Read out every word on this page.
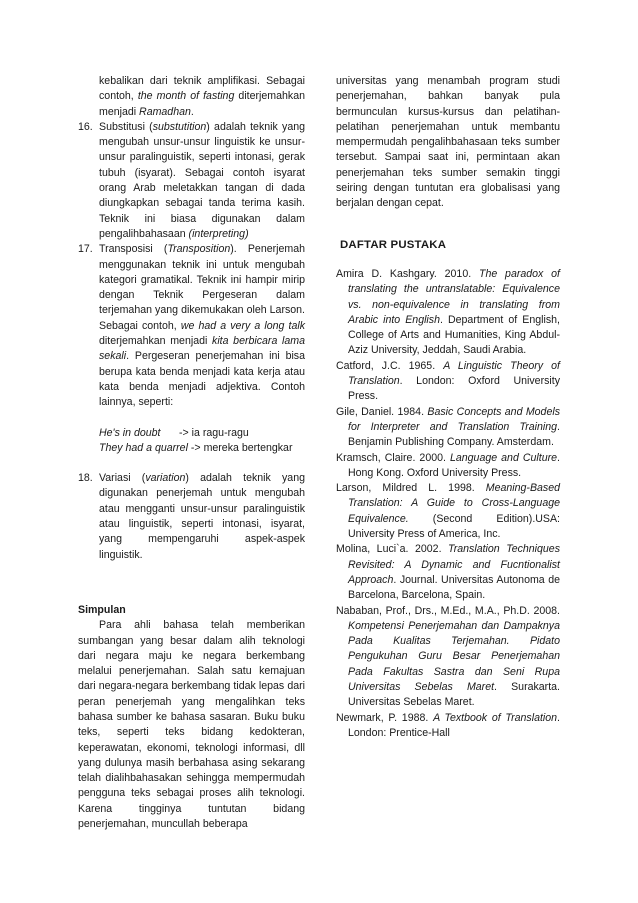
kebalikan dari teknik amplifikasi. Sebagai contoh, the month of fasting diterjemahkan menjadi Ramadhan.

16. Substitusi (substutition) adalah teknik yang mengubah unsur-unsur linguistik ke unsur-unsur paralinguistik, seperti intonasi, gerak tubuh (isyarat). Sebagai contoh isyarat orang Arab meletakkan tangan di dada diungkapkan sebagai tanda terima kasih. Teknik ini biasa digunakan dalam pengalihbahasaan (interpreting)

17. Transposisi (Transposition). Penerjemah menggunakan teknik ini untuk mengubah kategori gramatikal. Teknik ini hampir mirip dengan Teknik Pergeseran dalam terjemahan yang dikemukakan oleh Larson. Sebagai contoh, we had a very a long talk diterjemahkan menjadi kita berbicara lama sekali. Pergeseran penerjemahan ini bisa berupa kata benda menjadi kata kerja atau kata benda menjadi adjektiva. Contoh lainnya, seperti:

He's in doubt -> ia ragu-ragu

They had a quarrel -> mereka bertengkar

18. Variasi (variation) adalah teknik yang digunakan penerjemah untuk mengubah atau mengganti unsur-unsur paralinguistik atau linguistik, seperti intonasi, isyarat, yang mempengaruhi aspek-aspek linguistik.

Simpulan

Para ahli bahasa telah memberikan sumbangan yang besar dalam alih teknologi dari negara maju ke negara berkembang melalui penerjemahan. Salah satu kemajuan dari negara-negara berkembang tidak lepas dari peran penerjemah yang mengalihkan teks bahasa sumber ke bahasa sasaran. Buku buku teks, seperti teks bidang kedokteran, keperawatan, ekonomi, teknologi informasi, dll yang dulunya masih berbahasa asing sekarang telah dialihbahasakan sehingga mempermudah pengguna teks sebagai proses alih teknologi. Karena tingginya tuntutan bidang penerjemahan, muncullah beberapa

universitas yang menambah program studi penerjemahan, bahkan banyak pula bermunculan kursus-kursus dan pelatihan-pelatihan penerjemahan untuk membantu mempermudah pengalihbahasaan teks sumber tersebut. Sampai saat ini, permintaan akan penerjemahan teks sumber semakin tinggi seiring dengan tuntutan era globalisasi yang berjalan dengan cepat.

DAFTAR PUSTAKA

Amira D. Kashgary. 2010. The paradox of translating the untranslatable: Equivalence vs. non-equivalence in translating from Arabic into English. Department of English, College of Arts and Humanities, King Abdul-Aziz University, Jeddah, Saudi Arabia.

Catford, J.C. 1965. A Linguistic Theory of Translation. London: Oxford University Press.

Gile, Daniel. 1984. Basic Concepts and Models for Interpreter and Translation Training. Benjamin Publishing Company. Amsterdam.

Kramsch, Claire. 2000. Language and Culture. Hong Kong. Oxford University Press.

Larson, Mildred L. 1998. Meaning-Based Translation: A Guide to Cross-Language Equivalence. (Second Edition).USA: University Press of America, Inc.

Molina, Luci`a. 2002. Translation Techniques Revisited: A Dynamic and Fucntionalist Approach. Journal. Universitas Autonoma de Barcelona, Barcelona, Spain.

Nababan, Prof., Drs., M.Ed., M.A., Ph.D. 2008. Kompetensi Penerjemahan dan Dampaknya Pada Kualitas Terjemahan. Pidato Pengukuhan Guru Besar Penerjemahan Pada Fakultas Sastra dan Seni Rupa Universitas Sebelas Maret. Surakarta. Universitas Sebelas Maret.

Newmark, P. 1988. A Textbook of Translation. London: Prentice-Hall
